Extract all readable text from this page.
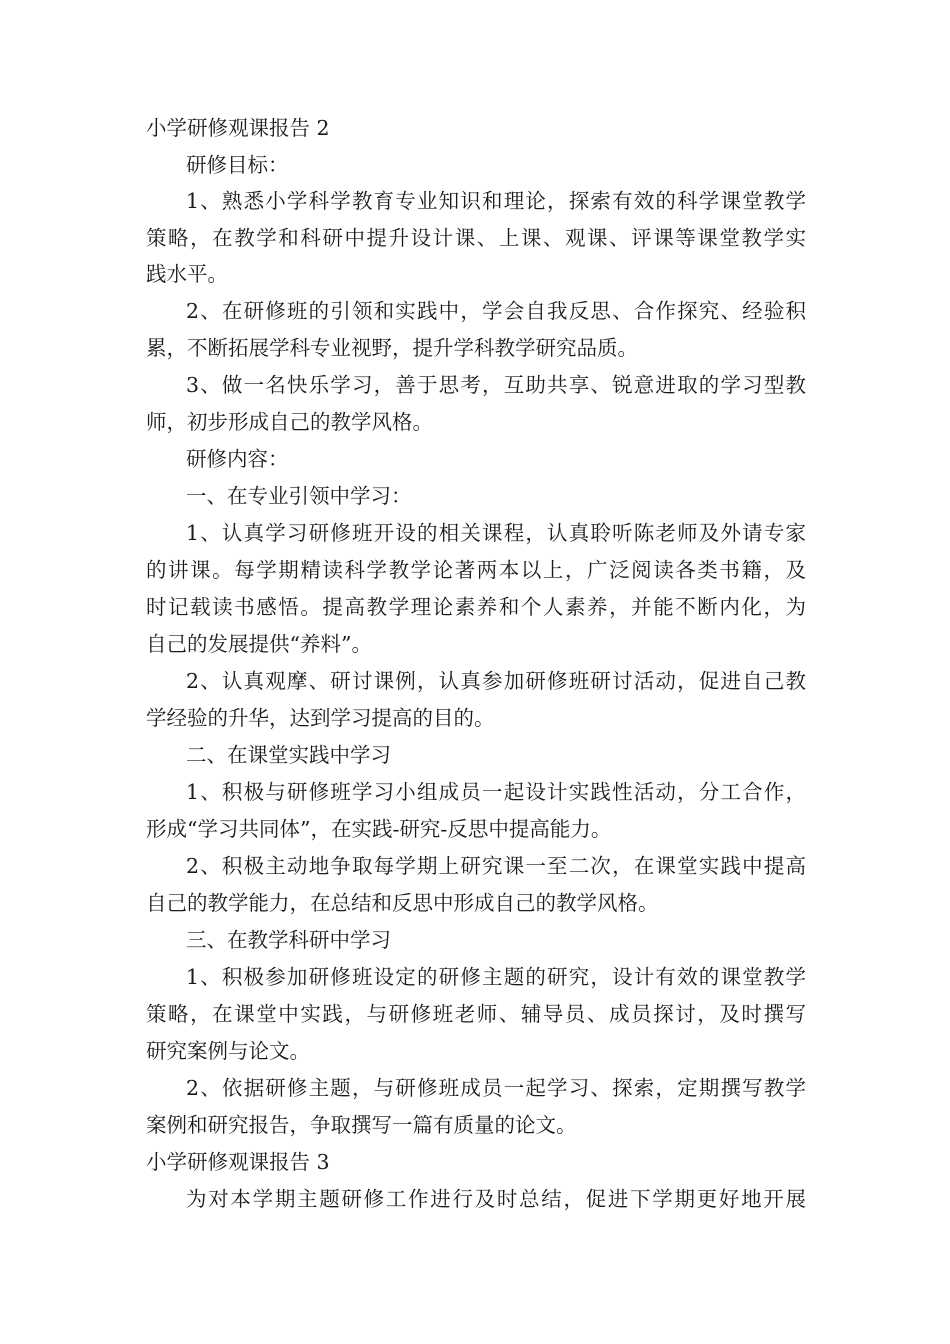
小学研修观课报告 2
研修目标：
1、熟悉小学科学教育专业知识和理论，探索有效的科学课堂教学
策略，在教学和科研中提升设计课、上课、观课、评课等课堂教学实
践水平。
2、在研修班的引领和实践中，学会自我反思、合作探究、经验积
累，不断拓展学科专业视野，提升学科教学研究品质。
3、做一名快乐学习，善于思考，互助共享、锐意进取的学习型教
师，初步形成自己的教学风格。
研修内容：
一、在专业引领中学习：
1、认真学习研修班开设的相关课程，认真聆听陈老师及外请专家
的讲课。每学期精读科学教学论著两本以上，广泛阅读各类书籍，及
时记载读书感悟。提高教学理论素养和个人素养，并能不断内化，为
自己的发展提供“养料”。
2、认真观摩、研讨课例，认真参加研修班研讨活动，促进自己教
学经验的升华，达到学习提高的目的。
二、在课堂实践中学习
1、积极与研修班学习小组成员一起设计实践性活动，分工合作，
形成“学习共同体”，在实践-研究-反思中提高能力。
2、积极主动地争取每学期上研究课一至二次，在课堂实践中提高
自己的教学能力，在总结和反思中形成自己的教学风格。
三、在教学科研中学习
1、积极参加研修班设定的研修主题的研究，设计有效的课堂教学
策略，在课堂中实践，与研修班老师、辅导员、成员探讨，及时撰写
研究案例与论文。
2、依据研修主题，与研修班成员一起学习、探索，定期撰写教学
案例和研究报告，争取撰写一篇有质量的论文。
小学研修观课报告 3
为对本学期主题研修工作进行及时总结，促进下学期更好地开展
